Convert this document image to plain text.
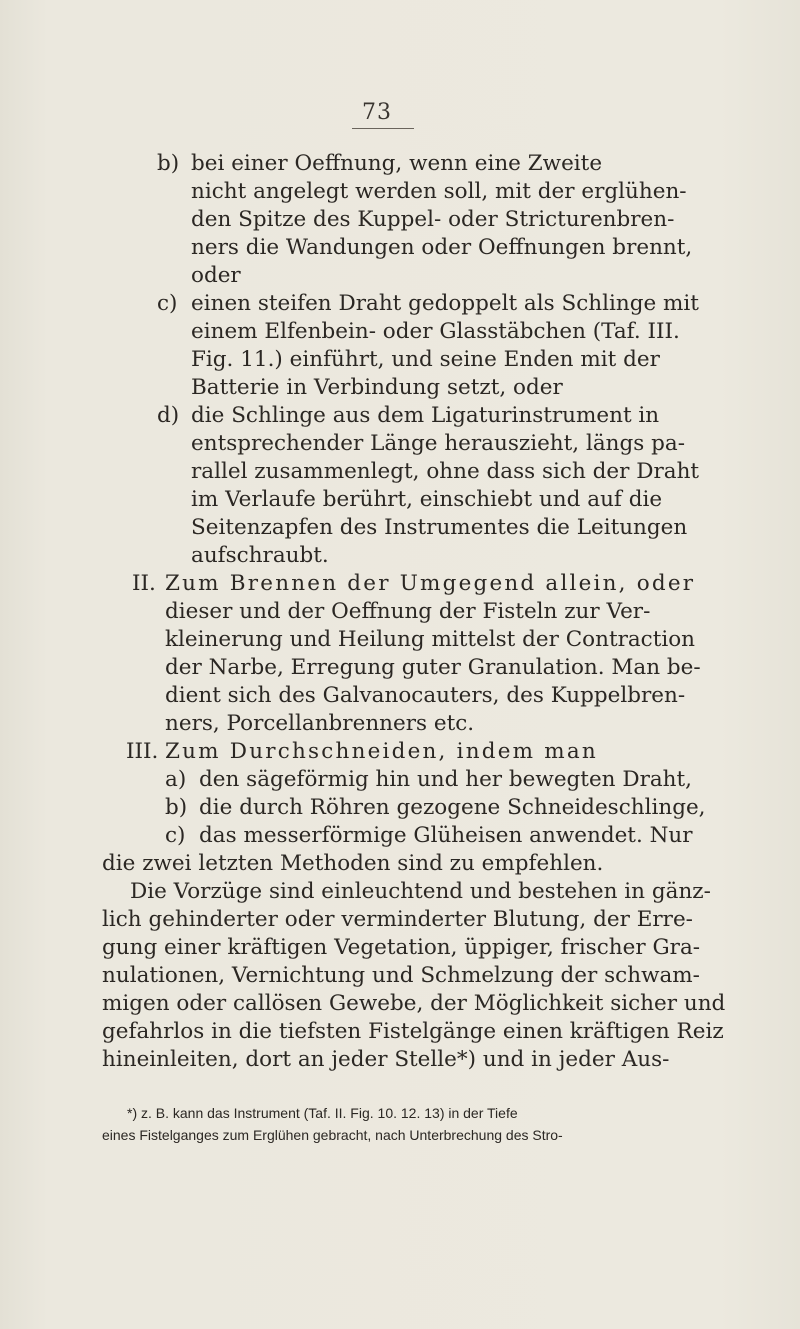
73
b) bei einer Oeffnung, wenn eine Zweite
nicht angelegt werden soll, mit der erglühen-
den Spitze des Kuppel- oder Stricturenbren-
ners die Wandungen oder Oeffnungen brennt,
oder
c) einen steifen Draht gedoppelt als Schlinge mit
einem Elfenbein- oder Glasstäbchen (Taf. III.
Fig. 11.) einführt, und seine Enden mit der
Batterie in Verbindung setzt, oder
d) die Schlinge aus dem Ligaturinstrument in
entsprechender Länge herauszieht, längs pa-
rallel zusammenlegt, ohne dass sich der Draht
im Verlaufe berührt, einschiebt und auf die
Seitenzapfen des Instrumentes die Leitungen
aufschraubt.
II. Zum Brennen der Umgegend allein, oder
dieser und der Oeffnung der Fisteln zur Ver-
kleinerung und Heilung mittelst der Contraction
der Narbe, Erregung guter Granulation. Man be-
dient sich des Galvanocauters, des Kuppelbren-
ners, Porcellanbrenners etc.
III. Zum Durchschneiden, indem man
a) den sägeförmig hin und her bewegten Draht,
b) die durch Röhren gezogene Schneideschlinge,
c) das messerförmige Glüheisen anwendet. Nur
die zwei letzten Methoden sind zu empfehlen.
Die Vorzüge sind einleuchtend und bestehen in gänz-
lich gehinderter oder verminderter Blutung, der Erre-
gung einer kräftigen Vegetation, üppiger, frischer Gra-
nulationen, Vernichtung und Schmelzung der schwam-
migen oder callösen Gewebe, der Möglichkeit sicher und
gefahrlos in die tiefsten Fistelgänge einen kräftigen Reiz
hineinleiten, dort an jeder Stelle*) und in jeder Aus-
*) z. B. kann das Instrument (Taf. II. Fig. 10. 12. 13) in der Tiefe
eines Fistelganges zum Erglühen gebracht, nach Unterbrechung des Stro-
